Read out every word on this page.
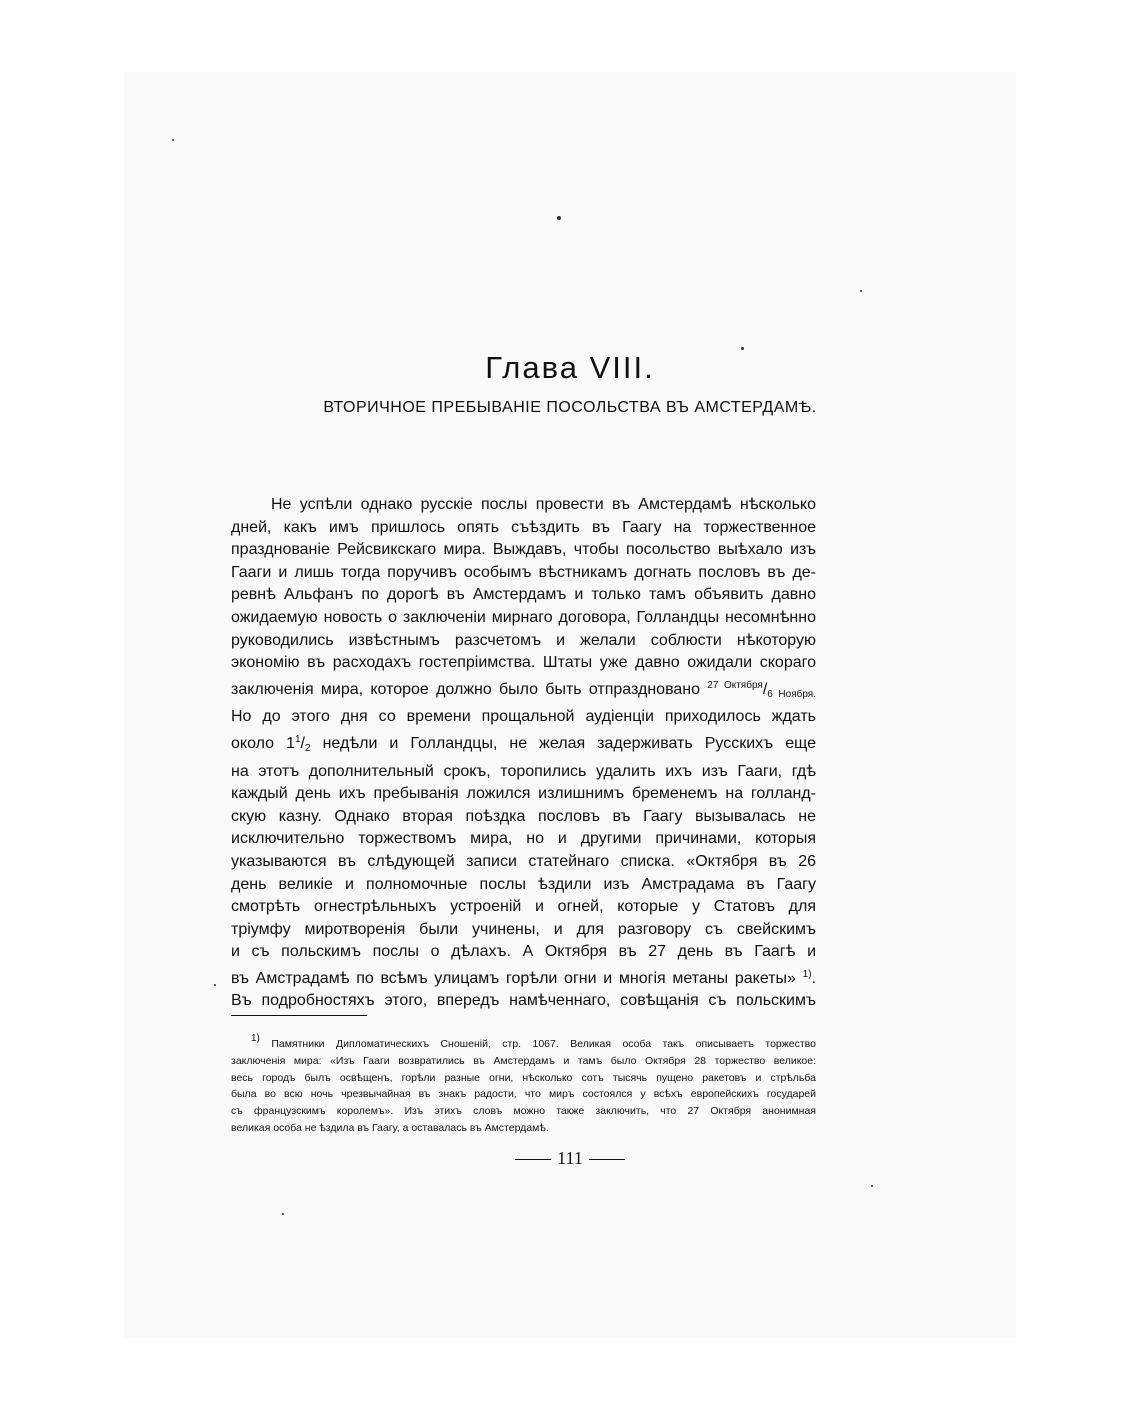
Глава VIII.
ВТОРИЧНОЕ ПРЕБЫВАНIЕ ПОСОЛЬСТВА ВЪ АМСТЕРДАМѢ.

Не успѣли однако русскiе послы провести въ Амстердамѣ нѣсколько
дней, какъ имъ пришлось опять съѣздить въ Гаагу на торжественное
празднованiе Рейсвикскаго мира. Выждавъ, чтобы посольство выѣхало изъ
Гааги и лишь тогда поручивъ особымъ вѣстникамъ догнать пословъ въ де-
ревнѣ Альфанъ по дорогѣ въ Амстердамъ и только тамъ объявить давно
ожидаемую новость о заключенiи мирнаго договора, Голландцы несомнѣнно
руководились извѣстнымъ разсчетомъ и желали соблюсти нѣкоторую
экономiю въ расходахъ гостепрiимства. Штаты уже давно ожидали скораго
заключенiя мира, которое должно было быть отпраздновано $^{27 Октября}$/6 Ноября.
Но до этого дня со времени прощальной аудiенцiи приходилось ждать
около $1^1/2$ недѣли и Голландцы, не желая задерживать Русскихъ еще
на этотъ дополнительный срокъ, торопились удалить ихъ изъ Гааги, гдѣ
каждый день ихъ пребыванiя ложился излишнимъ бременемъ на голланд-
скую казну. Однако вторая поѣздка пословъ въ Гаагу вызывалась не
исключительно торжествомъ мира, но и другими причинами, которыя
указываются въ слѣдующей записи статейнаго списка. «Октября въ 26
день великiе и полномочные послы ѣздили изъ Амстрадама въ Гаагу
смотрѣть огнестрѣльныхъ устроенiй и огней, которые у Статовъ для
трiумфу миротворенiя были учинены, и для разговору съ свейскимъ
и съ польскимъ послы о дѣлахъ. А Октября въ 27 день въ Гаагѣ и
въ Амстрадамѣ по всѣмъ улицамъ горѣли огни и многiя метаны ракеты» $^{1)}$.
Въ подробностяхъ этого, впередъ намѣченнаго, совѣщанiя съ польскимъ

1) Памятники Дипломатическихъ Сношенiй, стр. 1067. Великая особа такъ описываетъ торжество
заключенiя мира: «Изъ Гааги возвратились въ Амстердамъ и тамъ было Октября 28 торжество великое:
весь городъ былъ освѣщенъ, горѣли разные огни, нѣсколько сотъ тысячь пущено ракетовъ и стрѣльба
была во всю ночь чрезвычайная въ знакъ радости, что миръ состоялся у всѣхъ европейскихъ государей
съ французскимъ королемъ». Изъ этихъ словъ можно также заключить, что 27 Октября анонимная
великая особа не ѣздила въ Гаагу, а оставалась въ Амстердамѣ.
111
